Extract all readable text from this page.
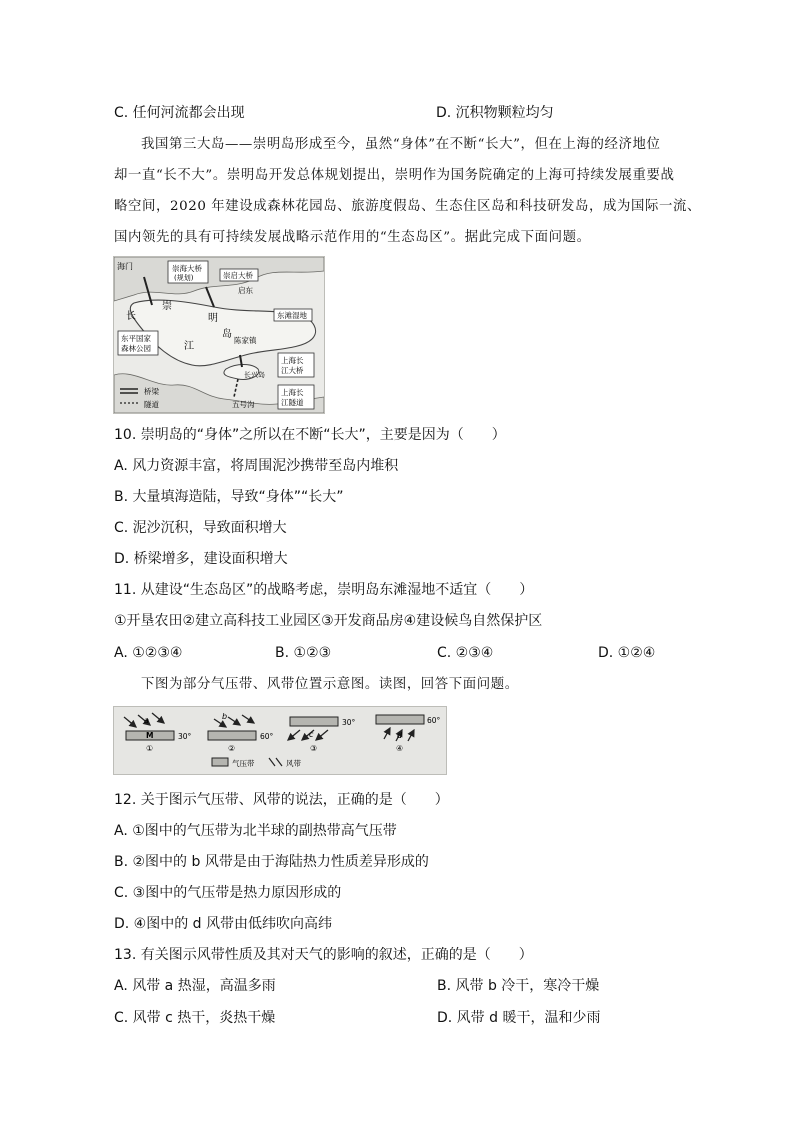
C. 任何河流都会出现	D. 沉积物颗粒均匀
我国第三大岛——崇明岛形成至今，虽然“身体”在不断“长大”，但在上海的经济地位
却一直“长不大”。崇明岛开发总体规划提出，崇明作为国务院确定的上海可持续发展重要战
略空间，2020 年建设成森林花园岛、旅游度假岛、生态住区岛和科技研发岛，成为国际一流、
国内领先的具有可持续发展战略示范作用的“生态岛区”。据此完成下面问题。
海门	崇海大桥
(规划)	崇启大桥
启东
长
崇
明
江
岛
陈家镇
东滩湿地
东平国家
森林公园
上海长
江大桥
长兴岛
五号沟
上海长
江隧道
桥梁
隧道
10. 崇明岛的“身体”之所以在不断“长大”，主要是因为（　　）
A. 风力资源丰富，将周围泥沙携带至岛内堆积
B. 大量填海造陆，导致“身体”“长大”
C. 泥沙沉积，导致面积增大
D. 桥梁增多，建设面积增大
11. 从建设“生态岛区”的战略考虑，崇明岛东滩湿地不适宜（　　）
①开垦农田②建立高科技工业园区③开发商品房④建设候鸟自然保护区
A. ①②③④	B. ①②③	C. ②③④	D. ①②④
下图为部分气压带、风带位置示意图。读图，回答下面问题。
a
M	30°
①
b
60°
②
30°
c
③
60°
d
④
气压带	风带
12. 关于图示气压带、风带的说法，正确的是（　　）
A. ①图中的气压带为北半球的副热带高气压带
B. ②图中的 b 风带是由于海陆热力性质差异形成的
C. ③图中的气压带是热力原因形成的
D. ④图中的 d 风带由低纬吹向高纬
13. 有关图示风带性质及其对天气的影响的叙述，正确的是（　　）
A. 风带 a 热湿，高温多雨	B. 风带 b 冷干，寒冷干燥
C. 风带 c 热干，炎热干燥	D. 风带 d 暖干，温和少雨
